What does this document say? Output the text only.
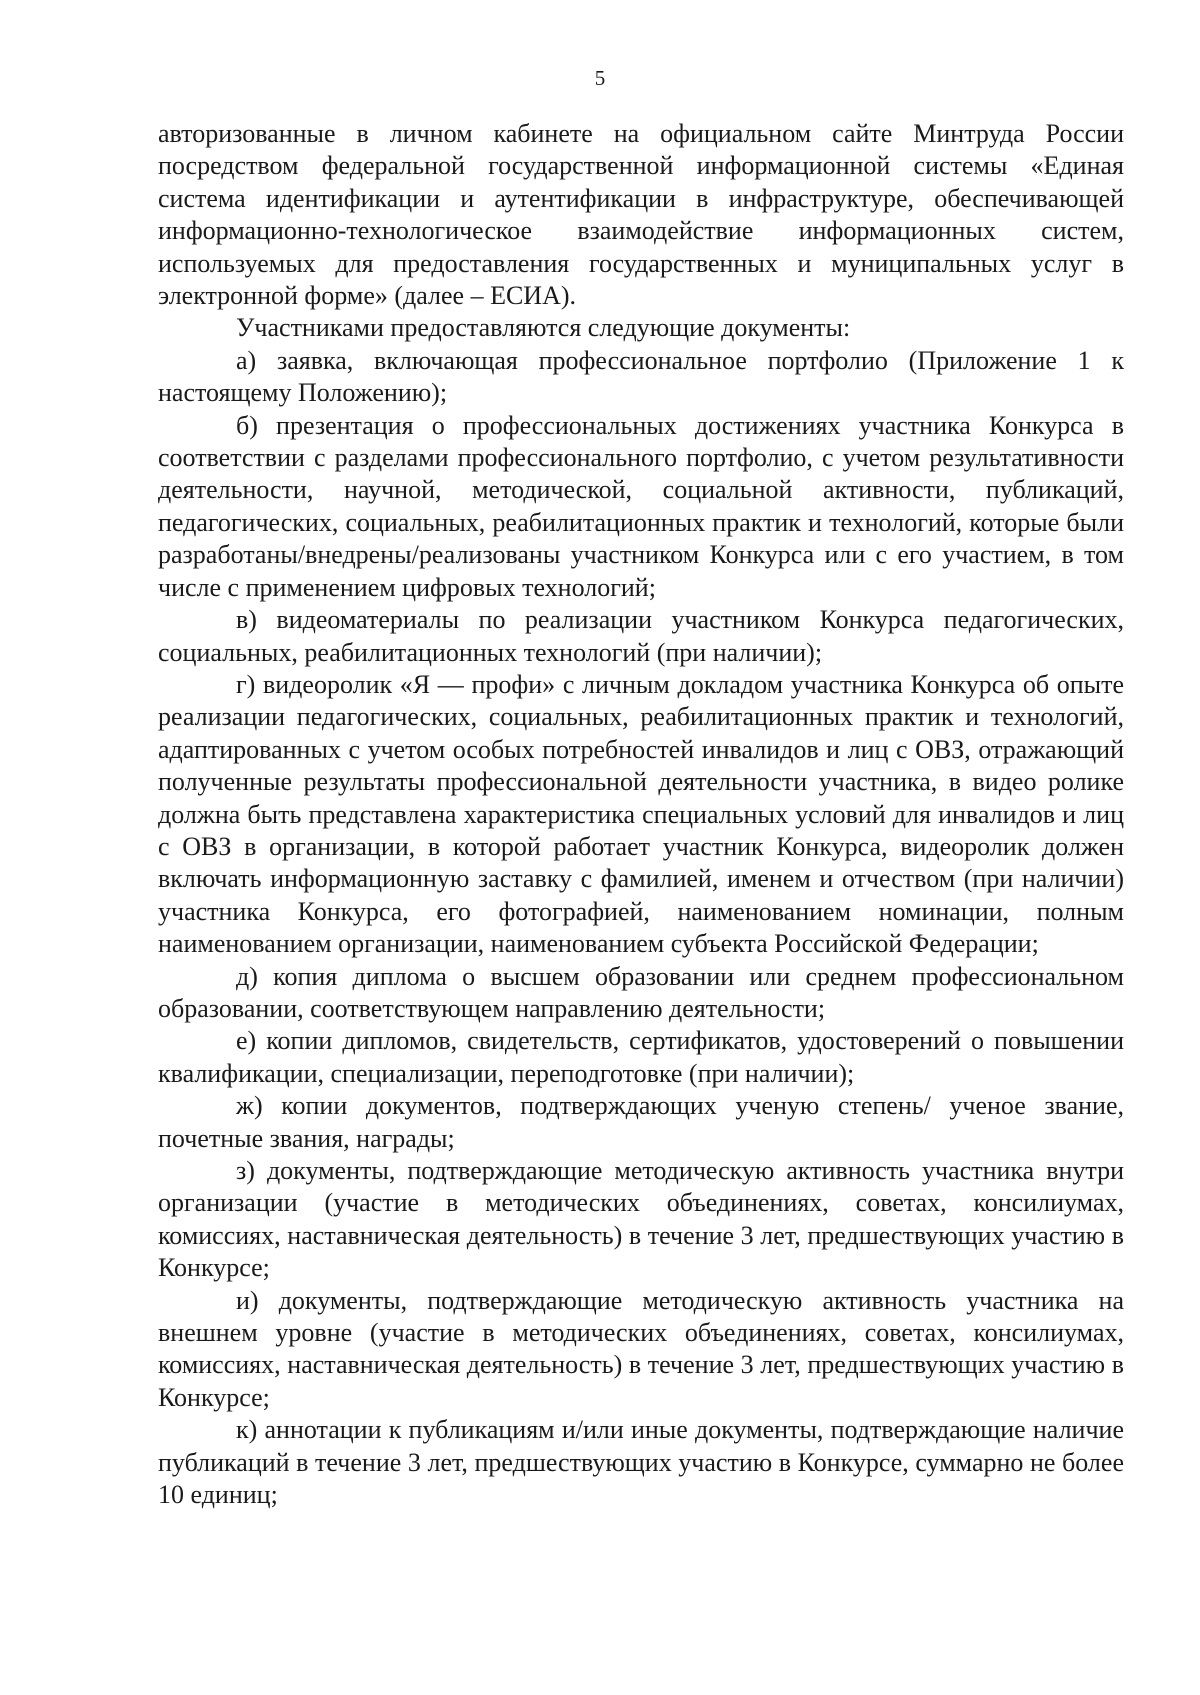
5

авторизованные в личном кабинете на официальном сайте Минтруда России посредством федеральной государственной информационной системы «Единая система идентификации и аутентификации в инфраструктуре, обеспечивающей информационно-технологическое взаимодействие информационных систем, используемых для предоставления государственных и муниципальных услуг в электронной форме» (далее – ЕСИА).

Участниками предоставляются следующие документы:

а) заявка, включающая профессиональное портфолио (Приложение 1 к настоящему Положению);

б) презентация о профессиональных достижениях участника Конкурса в соответствии с разделами профессионального портфолио, с учетом результативности деятельности, научной, методической, социальной активности, публикаций, педагогических, социальных, реабилитационных практик и технологий, которые были разработаны/внедрены/реализованы участником Конкурса или с его участием, в том числе с применением цифровых технологий;

в) видеоматериалы по реализации участником Конкурса педагогических, социальных, реабилитационных технологий (при наличии);

г) видеоролик «Я — профи» с личным докладом участника Конкурса об опыте реализации педагогических, социальных, реабилитационных практик и технологий, адаптированных с учетом особых потребностей инвалидов и лиц с ОВЗ, отражающий полученные результаты профессиональной деятельности участника, в видео ролике должна быть представлена характеристика специальных условий для инвалидов и лиц с ОВЗ в организации, в которой работает участник Конкурса, видеоролик должен включать информационную заставку с фамилией, именем и отчеством (при наличии) участника Конкурса, его фотографией, наименованием номинации, полным наименованием организации, наименованием субъекта Российской Федерации;

д) копия диплома о высшем образовании или среднем профессиональном образовании, соответствующем направлению деятельности;

е) копии дипломов, свидетельств, сертификатов, удостоверений о повышении квалификации, специализации, переподготовке (при наличии);

ж) копии документов, подтверждающих ученую степень/ ученое звание, почетные звания, награды;

з) документы, подтверждающие методическую активность участника внутри организации (участие в методических объединениях, советах, консилиумах, комиссиях, наставническая деятельность) в течение 3 лет, предшествующих участию в Конкурсе;

и) документы, подтверждающие методическую активность участника на внешнем уровне (участие в методических объединениях, советах, консилиумах, комиссиях, наставническая деятельность) в течение 3 лет, предшествующих участию в Конкурсе;

к) аннотации к публикациям и/или иные документы, подтверждающие наличие публикаций в течение 3 лет, предшествующих участию в Конкурсе, суммарно не более 10 единиц;
